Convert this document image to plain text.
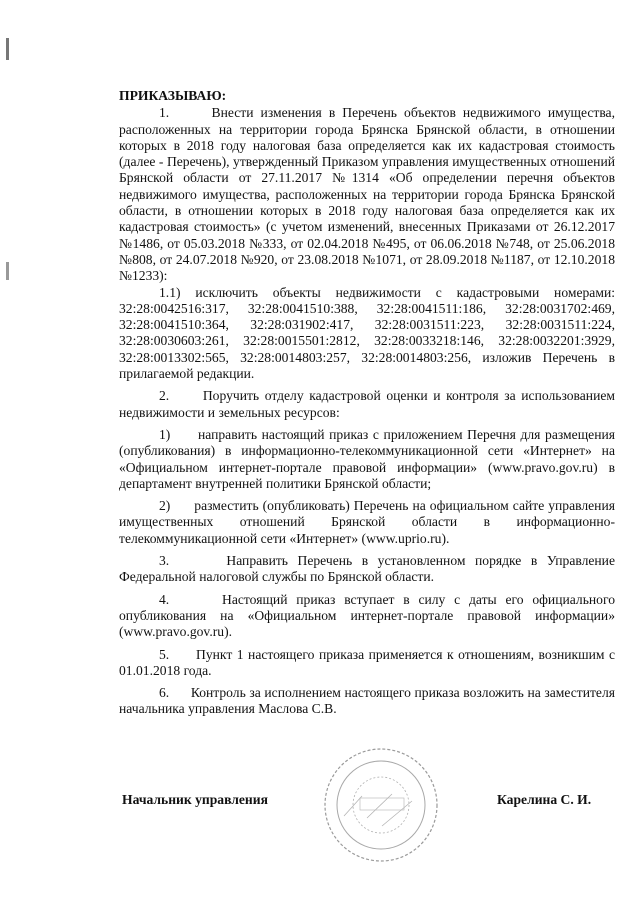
ПРИКАЗЫВАЮ:

1.      Внести изменения в Перечень объектов недвижимого имущества, расположенных на территории города Брянска Брянской области, в отношении которых в 2018 году налоговая база определяется как их кадастровая стоимость (далее - Перечень), утвержденный Приказом управления имущественных отношений Брянской области от 27.11.2017 №1314 «Об определении перечня объектов недвижимого имущества, расположенных на территории города Брянска Брянской области, в отношении которых в 2018 году налоговая база определяется как их кадастровая стоимость» (с учетом изменений, внесенных Приказами от 26.12.2017 №1486, от 05.03.2018 №333, от 02.04.2018 №495, от 06.06.2018 №748, от 25.06.2018 №808, от 24.07.2018 №920, от 23.08.2018 №1071, от 28.09.2018 №1187, от 12.10.2018 №1233):

1.1) исключить объекты недвижимости с кадастровыми номерами: 32:28:0042516:317, 32:28:0041510:388, 32:28:0041511:186, 32:28:0031702:469, 32:28:0041510:364, 32:28:031902:417, 32:28:0031511:223, 32:28:0031511:224, 32:28:0030603:261, 32:28:0015501:2812, 32:28:0033218:146, 32:28:0032201:3929, 32:28:0013302:565, 32:28:0014803:257, 32:28:0014803:256, изложив Перечень в прилагаемой редакции.

2.      Поручить отделу кадастровой оценки и контроля за использованием недвижимости и земельных ресурсов:

1)      направить настоящий приказ с приложением Перечня для размещения (опубликования) в информационно-телекоммуникационной сети «Интернет» на «Официальном интернет-портале правовой информации» (www.pravo.gov.ru) в департамент внутренней политики Брянской области;

2)      разместить (опубликовать) Перечень на официальном сайте управления имущественных отношений Брянской области в информационно-телекоммуникационной сети «Интернет» (www.uprio.ru).

3.      Направить Перечень в установленном порядке в Управление Федеральной налоговой службы по Брянской области.

4.      Настоящий приказ вступает в силу с даты его официального опубликования на «Официальном интернет-портале правовой информации» (www.pravo.gov.ru).

5.      Пункт 1 настоящего приказа применяется к отношениям, возникшим с 01.01.2018 года.

6.      Контроль за исполнением настоящего приказа возложить на заместителя начальника управления Маслова С.В.

Начальник управления	Карелина С. И.
